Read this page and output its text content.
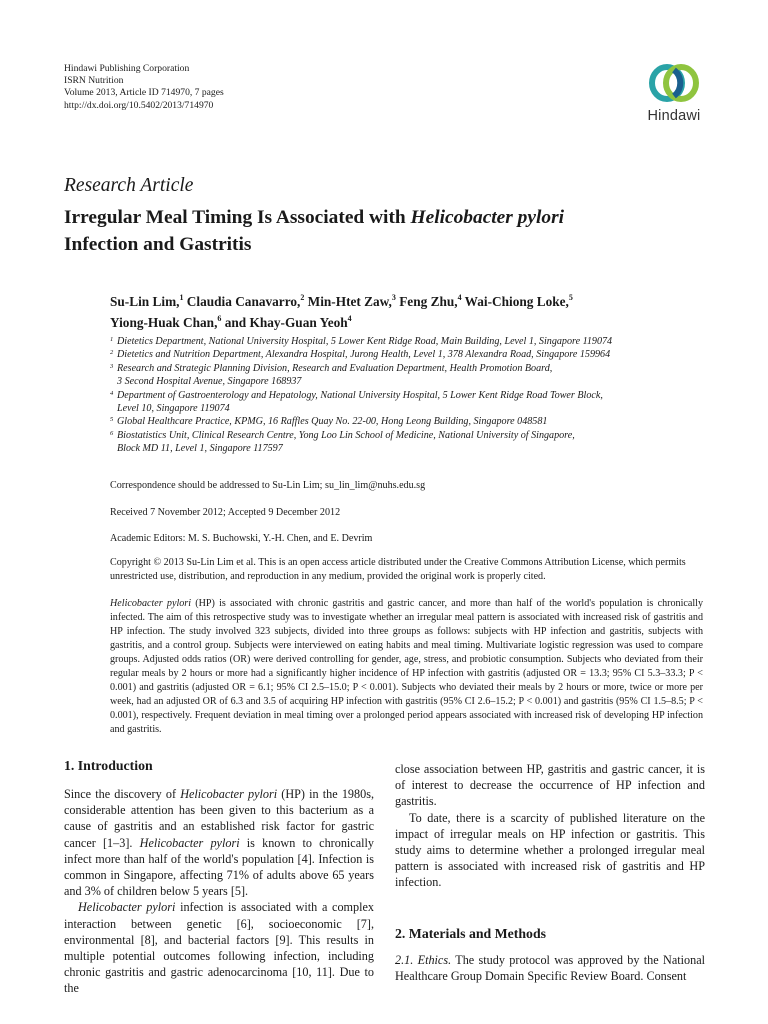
Hindawi Publishing Corporation
ISRN Nutrition
Volume 2013, Article ID 714970, 7 pages
http://dx.doi.org/10.5402/2013/714970
Hindawi
Research Article
Irregular Meal Timing Is Associated with Helicobacter pylori
Infection and Gastritis
Su-Lin Lim,$^1$ Claudia Canavarro,$^2$ Min-Htet Zaw,$^3$ Feng Zhu,$^4$ Wai-Chiong Loke,$^5$
Yiong-Huak Chan,$^6$ and Khay-Guan Yeoh$^4$
1 Dietetics Department, National University Hospital, 5 Lower Kent Ridge Road, Main Building, Level 1, Singapore 119074
2 Dietetics and Nutrition Department, Alexandra Hospital, Jurong Health, Level 1, 378 Alexandra Road, Singapore 159964
3 Research and Strategic Planning Division, Research and Evaluation Department, Health Promotion Board,
3 Second Hospital Avenue, Singapore 168937
4 Department of Gastroenterology and Hepatology, National University Hospital, 5 Lower Kent Ridge Road Tower Block,
Level 10, Singapore 119074
5 Global Healthcare Practice, KPMG, 16 Raffles Quay No. 22-00, Hong Leong Building, Singapore 048581
6 Biostatistics Unit, Clinical Research Centre, Yong Loo Lin School of Medicine, National University of Singapore,
Block MD 11, Level 1, Singapore 117597
Correspondence should be addressed to Su-Lin Lim; su_lin_lim@nuhs.edu.sg
Received 7 November 2012; Accepted 9 December 2012
Academic Editors: M. S. Buchowski, Y.-H. Chen, and E. Devrim
Copyright © 2013 Su-Lin Lim et al. This is an open access article distributed under the Creative Commons Attribution License, which permits unrestricted use, distribution, and reproduction in any medium, provided the original work is properly cited.
Helicobacter pylori (HP) is associated with chronic gastritis and gastric cancer, and more than half of the world's population is chronically infected. The aim of this retrospective study was to investigate whether an irregular meal pattern is associated with increased risk of gastritis and HP infection. The study involved 323 subjects, divided into three groups as follows: subjects with HP infection and gastritis, subjects with gastritis, and a control group. Subjects were interviewed on eating habits and meal timing. Multivariate logistic regression was used to compare groups. Adjusted odds ratios (OR) were derived controlling for gender, age, stress, and probiotic consumption. Subjects who deviated from their regular meals by 2 hours or more had a significantly higher incidence of HP infection with gastritis (adjusted OR = 13.3; 95% CI 5.3–33.3; P < 0.001) and gastritis (adjusted OR = 6.1; 95% CI 2.5–15.0; P < 0.001). Subjects who deviated their meals by 2 hours or more, twice or more per week, had an adjusted OR of 6.3 and 3.5 of acquiring HP infection with gastritis (95% CI 2.6–15.2; P < 0.001) and gastritis (95% CI 1.5–8.5; P < 0.001), respectively. Frequent deviation in meal timing over a prolonged period appears associated with increased risk of developing HP infection and gastritis.
1. Introduction

Since the discovery of Helicobacter pylori (HP) in the 1980s, considerable attention has been given to this bacterium as a cause of gastritis and an established risk factor for gastric cancer [1–3]. Helicobacter pylori is known to chronically infect more than half of the world's population [4]. Infection is common in Singapore, affecting 71% of adults above 65 years and 3% of children below 5 years [5].

Helicobacter pylori infection is associated with a complex interaction between genetic [6], socioeconomic [7], environmental [8], and bacterial factors [9]. This results in multiple potential outcomes following infection, including chronic gastritis and gastric adenocarcinoma [10, 11]. Due to the

close association between HP, gastritis and gastric cancer, it is of interest to decrease the occurrence of HP infection and gastritis.

To date, there is a scarcity of published literature on the impact of irregular meals on HP infection or gastritis. This study aims to determine whether a prolonged irregular meal pattern is associated with increased risk of gastritis and HP infection.

2. Materials and Methods

2.1. Ethics. The study protocol was approved by the National Healthcare Group Domain Specific Review Board. Consent
